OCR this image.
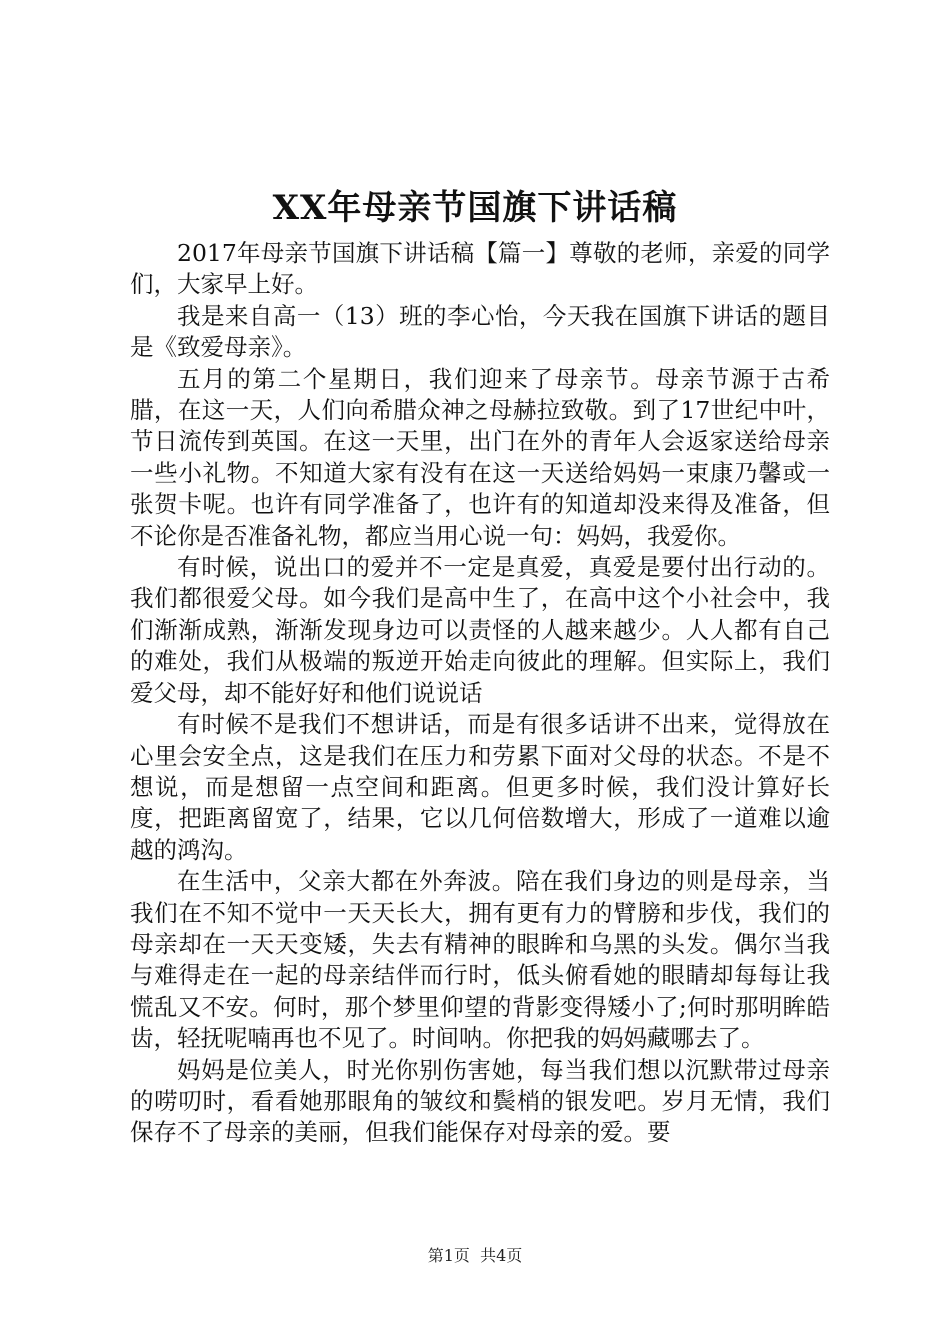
XX年母亲节国旗下讲话稿

2017年母亲节国旗下讲话稿【篇一】尊敬的老师，亲爱的同学们，大家早上好。

我是来自高一（13）班的李心怡，今天我在国旗下讲话的题目是《致爱母亲》。

五月的第二个星期日，我们迎来了母亲节。母亲节源于古希腊，在这一天，人们向希腊众神之母赫拉致敬。到了17世纪中叶，节日流传到英国。在这一天里，出门在外的青年人会返家送给母亲一些小礼物。不知道大家有没有在这一天送给妈妈一束康乃馨或一张贺卡呢。也许有同学准备了，也许有的知道却没来得及准备，但不论你是否准备礼物，都应当用心说一句：妈妈，我爱你。

有时候，说出口的爱并不一定是真爱，真爱是要付出行动的。我们都很爱父母。如今我们是高中生了，在高中这个小社会中，我们渐渐成熟，渐渐发现身边可以责怪的人越来越少。人人都有自己的难处，我们从极端的叛逆开始走向彼此的理解。但实际上，我们爱父母，却不能好好和他们说说话

有时候不是我们不想讲话，而是有很多话讲不出来，觉得放在心里会安全点，这是我们在压力和劳累下面对父母的状态。不是不想说，而是想留一点空间和距离。但更多时候，我们没计算好长度，把距离留宽了，结果，它以几何倍数增大，形成了一道难以逾越的鸿沟。

在生活中，父亲大都在外奔波。陪在我们身边的则是母亲，当我们在不知不觉中一天天长大，拥有更有力的臂膀和步伐，我们的母亲却在一天天变矮，失去有精神的眼眸和乌黑的头发。偶尔当我与难得走在一起的母亲结伴而行时，低头俯看她的眼睛却每每让我慌乱又不安。何时，那个梦里仰望的背影变得矮小了;何时那明眸皓齿，轻抚呢喃再也不见了。时间呐。你把我的妈妈藏哪去了。

妈妈是位美人，时光你别伤害她，每当我们想以沉默带过母亲的唠叨时，看看她那眼角的皱纹和鬓梢的银发吧。岁月无情，我们保存不了母亲的美丽，但我们能保存对母亲的爱。要

第1页 共4页
